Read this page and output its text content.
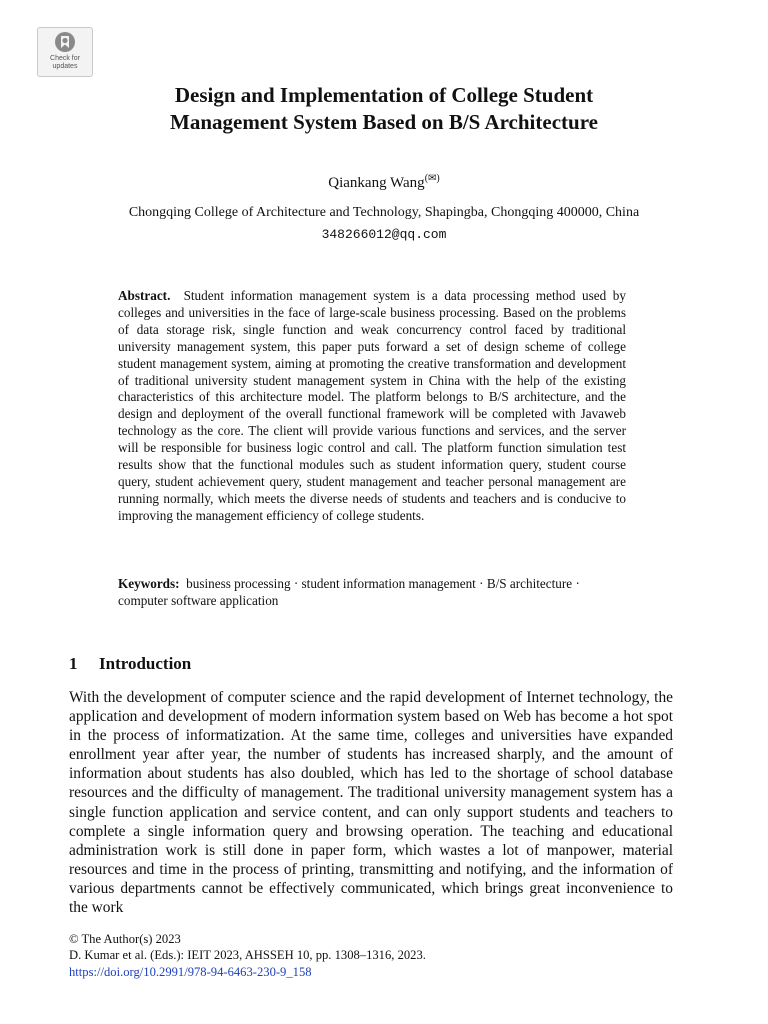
Check for
updates
Design and Implementation of College Student
Management System Based on B/S Architecture
Qiankang Wang(✉)
Chongqing College of Architecture and Technology, Shapingba, Chongqing 400000, China
348266012@qq.com
Abstract. Student information management system is a data processing method used by colleges and universities in the face of large-scale business processing. Based on the problems of data storage risk, single function and weak concurrency control faced by traditional university management system, this paper puts forward a set of design scheme of college student management system, aiming at promoting the creative transformation and development of traditional university student management system in China with the help of the existing characteristics of this architecture model. The platform belongs to B/S architecture, and the design and deployment of the overall functional framework will be completed with Javaweb technology as the core. The client will provide various functions and services, and the server will be responsible for business logic control and call. The platform function simulation test results show that the functional modules such as student information query, student course query, student achievement query, student management and teacher personal management are running normally, which meets the diverse needs of students and teachers and is conducive to improving the management efficiency of college students.
Keywords: business processing · student information management · B/S architecture · computer software application
1 Introduction
With the development of computer science and the rapid development of Internet technology, the application and development of modern information system based on Web has become a hot spot in the process of informatization. At the same time, colleges and universities have expanded enrollment year after year, the number of students has increased sharply, and the amount of information about students has also doubled, which has led to the shortage of school database resources and the difficulty of management. The traditional university management system has a single function application and service content, and can only support students and teachers to complete a single information query and browsing operation. The teaching and educational administration work is still done in paper form, which wastes a lot of manpower, material resources and time in the process of printing, transmitting and notifying, and the information of various departments cannot be effectively communicated, which brings great inconvenience to the work
© The Author(s) 2023
D. Kumar et al. (Eds.): IEIT 2023, AHSSEH 10, pp. 1308–1316, 2023.
https://doi.org/10.2991/978-94-6463-230-9_158
